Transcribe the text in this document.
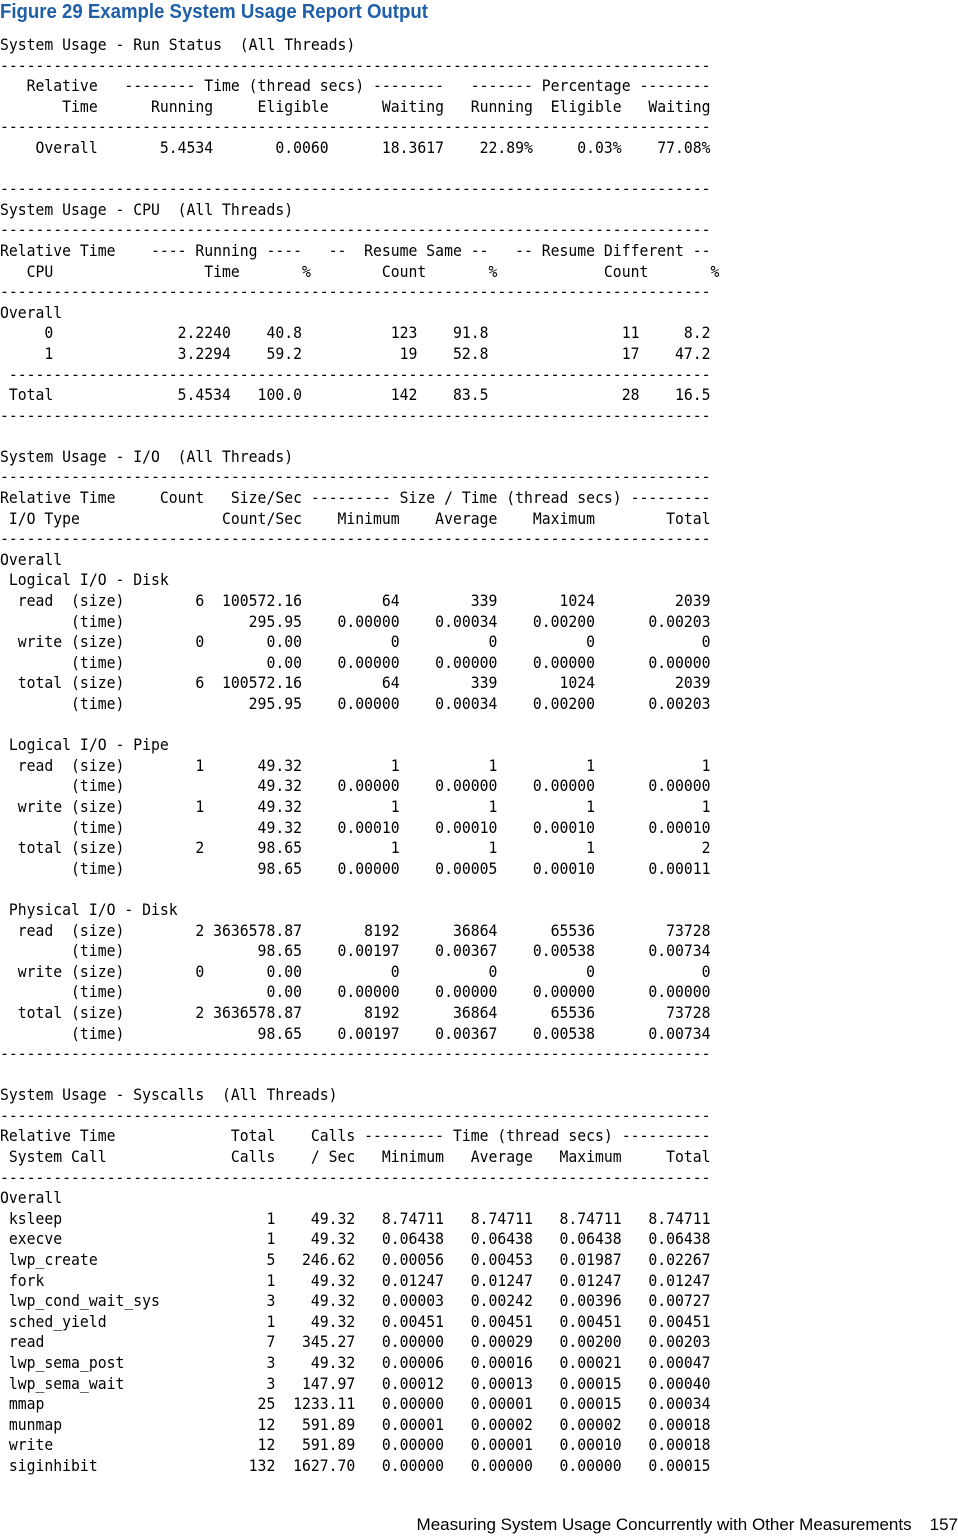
Figure 29 Example System Usage Report Output
System Usage - Run Status  (All Threads)
--------------------------------------------------------------------------------
Relative   -------- Time (thread secs) --------   ------- Percentage --------
Time      Running     Eligible      Waiting   Running  Eligible   Waiting
--------------------------------------------------------------------------------
Overall       5.4534       0.0060      18.3617    22.89%     0.03%    77.08%

--------------------------------------------------------------------------------
System Usage - CPU  (All Threads)
--------------------------------------------------------------------------------
Relative Time    ---- Running ----   --  Resume Same --   -- Resume Different --
CPU                 Time       %        Count       %            Count       %
--------------------------------------------------------------------------------
Overall
0              2.2240    40.8          123    91.8               11     8.2
1              3.2294    59.2           19    52.8               17    47.2
-------------------------------------------------------------------------------
Total              5.4534   100.0          142    83.5               28    16.5
--------------------------------------------------------------------------------

System Usage - I/O  (All Threads)
--------------------------------------------------------------------------------
Relative Time     Count   Size/Sec --------- Size / Time (thread secs) ---------
I/O Type                Count/Sec    Minimum    Average    Maximum        Total
--------------------------------------------------------------------------------
Overall
Logical I/O - Disk
read  (size)        6  100572.16         64        339       1024         2039
(time)              295.95    0.00000    0.00034    0.00200      0.00203
write (size)        0       0.00          0          0          0            0
(time)                0.00    0.00000    0.00000    0.00000      0.00000
total (size)        6  100572.16         64        339       1024         2039
(time)              295.95    0.00000    0.00034    0.00200      0.00203

Logical I/O - Pipe
read  (size)        1      49.32          1          1          1            1
(time)               49.32    0.00000    0.00000    0.00000      0.00000
write (size)        1      49.32          1          1          1            1
(time)               49.32    0.00010    0.00010    0.00010      0.00010
total (size)        2      98.65          1          1          1            2
(time)               98.65    0.00000    0.00005    0.00010      0.00011

Physical I/O - Disk
read  (size)        2 3636578.87       8192      36864      65536        73728
(time)               98.65    0.00197    0.00367    0.00538      0.00734
write (size)        0       0.00          0          0          0            0
(time)                0.00    0.00000    0.00000    0.00000      0.00000
total (size)        2 3636578.87       8192      36864      65536        73728
(time)               98.65    0.00197    0.00367    0.00538      0.00734
--------------------------------------------------------------------------------

System Usage - Syscalls  (All Threads)
--------------------------------------------------------------------------------
Relative Time             Total    Calls --------- Time (thread secs) ----------
System Call              Calls    / Sec   Minimum   Average   Maximum     Total
--------------------------------------------------------------------------------
Overall
ksleep                       1    49.32   8.74711   8.74711   8.74711   8.74711
execve                       1    49.32   0.06438   0.06438   0.06438   0.06438
lwp_create                   5   246.62   0.00056   0.00453   0.01987   0.02267
fork                         1    49.32   0.01247   0.01247   0.01247   0.01247
lwp_cond_wait_sys            3    49.32   0.00003   0.00242   0.00396   0.00727
sched_yield                  1    49.32   0.00451   0.00451   0.00451   0.00451
read                         7   345.27   0.00000   0.00029   0.00200   0.00203
lwp_sema_post                3    49.32   0.00006   0.00016   0.00021   0.00047
lwp_sema_wait                3   147.97   0.00012   0.00013   0.00015   0.00040
mmap                        25  1233.11   0.00000   0.00001   0.00015   0.00034
munmap                      12   591.89   0.00001   0.00002   0.00002   0.00018
write                       12   591.89   0.00000   0.00001   0.00010   0.00018
siginhibit                 132  1627.70   0.00000   0.00000   0.00000   0.00015
Measuring System Usage Concurrently with Other Measurements 157
